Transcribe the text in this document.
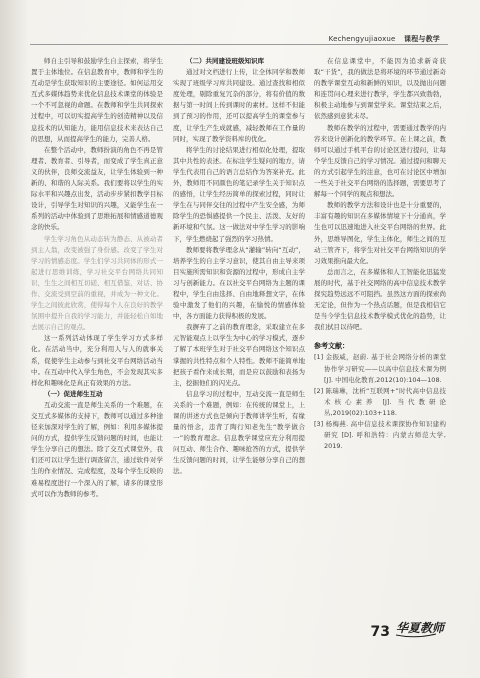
Kechengyujiaoxue 课程与教学

师自主引导和鼓励学生自主探索，将学生置于主体地位。在信息教育中，教师和学生的互动是学生获取知识的主要途径。如何运用交互式多媒体趋势来优化信息技术课堂的体验是一个不可忽视的命题。在教师和学生共同探索过程中，可以切实提高学生的创造精神以及信息技术的认知能力，能用信息技术来表达自己的思想，从而提高学生的能力，完善人格。

在整个活动中，教师扮演的角色不再是管理者、教育者、引导者，而变成了学生真正意义的伙伴，良师交流益友，让学生体验到一种新的、和谐的人际关系。我们要将以学生的实际水平和兴趣点出发，活动步步紧扣教学目标设计，引导学生对知识的兴趣，又能学生在一系列的活动中体验到了思维拓展和情感道德观念的快乐。

学生学习角色从动态转为静态、从被动者到主人翁，改变被强了身份感。改变了学生对学习的情感态度。学生们学习共同体的形式一起进行思维训练，学习社交平台网络共同知识，生生之间相互切磋、相互借鉴，对话、协作、交流受到空前的重视，并成为一种文化。学生之间彼此欣赏，使得每个人在良好的教学氛围中提升自我的学习能力，并能轻松自如地去展示自己的观点。

这一系列活动体现了学生学习方式多样化。在活动当中，充分利用人与人的就事关系，促使学生主动参与到社交平台网络活动当中。在互动中代入学生角色，不会发现其实多样化和趣味化是真正有效果的方法。

（一）促进师生互动

互动交流一直是师生关系的一个难题，在交互式多媒体的支持下，教师可以通过多种途径来加深对学生的了解，例如：利用多媒体提问的方式，提供学生反馈问题的时间，也能让学生分享自己的想法。除了交互式课堂外，我们还可以让学生进行调查留言，通过软件对学生的作业情况、完成程度，及每个学生反映的难易程度进行一个深入的了解，诸多的课堂形式可以作为教师的参考。

（二）共同建设班级知识库

通过对文档进行上传，让全体同学和教师实现了班级学习库共同建设。通过查找和相似度处理，剔除重复冗杂的部分，将有价值的数据与第一时间上传到课时的素材。这样不但能到了预习的作用，还可以提高学生的课堂参与度，让学生产生成就感，减轻教师在工作量的同时，实现了教学资料库的优化。

将学生的讨论结果进行相似化处理，提取其中共性的表述。在标注学生疑问的地方，请学生代表用自己的语言总结作为答案补充。此外，教师用不同颜色的笔记录学生关于知识点的感悟，让学生经历简单的探索过程，同时让学生在与同伴交往的过程中产生安全感，为师除学生的恐惧感提供一个民主、活泼、友好的新环境和气氛。这一做法对中学生学习的影响下，学生燃烧起了强烈的学习热情。

教师要将教学理念从“灌输”转向“互动”，培养学生的自主学习意识，使其自由主导来项目实施所需知识和资源的过程中，形成自主学习与创新能力。在以社交平台网络为主题的课程中，学生自由选择、自由地释想文字，在体验中激发了他们的兴趣，在愉悦的情感体验中，各方面能力获得积极的发展。

我摒弃了之前的教育理念，采取建立在多元智能观点上以学生为中心的学习模式，逐步了解了本班学生对于社交平台网络这个知识点掌握的共性特点和个人特性。教师不能简单地把孩子看作来成长期，而是应以鼓励和表扬为主，挖掘他们的闪光点。

信息学习的过程中，互动交流一直是师生关系的一个难题，例如：在传统的课堂上，上课的讲述方式也是倾向于教师讲学生听，有缘量的悟念，违背了陶行知老先生“教学做合一”的教育理念。信息教学课堂应充分利用提问互动、师生合作、趣味抢答的方式，提供学生反馈问题的时间，让学生能够分享自己的想法。

在信息课堂中，不能因为追求新奇获取“干货”，我的做法是将环境的环节通过新奇的教学课堂互动和新鲜的知识，以及抛出问题和连贯问心理来进行教学，学生都兴致勃勃，积极主动地参与到课堂学来。课堂结束之后，依然感到意犹未尽。

教师在教学的过程中，需要通过教学的内容来设计创新化的教学环节。在上课之前，教师可以通过手机平台的讨论区进行提问，让每个学生反馈自己的学习情况。通过提问和聊天的方式引起学生的注意，也可在讨论区中增加一些关于社交平台网络的选择题，需要思考了解每一个同学的观点和想法。

教师的教学方法和设计也是十分重要的，丰富有趣的知识在多媒体情境下十分通真，学生也可以迅速地进入社交平台网络的世界。此外，思维导图化，学生主体化，师生之间的互动三管齐下，将学生对社交平台网络知识的学习效果推向最大化。

总而言之，在多媒体和人工智能化迅猛发展的时代，基于社交网络的高中信息技术教学探究趋势远远不可阻挡。虽然这方面的探索尚无定论，但作为一个热点话题，但是我相信它是当今学生信息技术教学模式优化的趋势，让我们拭目以待吧。

参考文献：

[1] 金振威，赵蔚. 基于社会网络分析的课堂协作学习研究——以高中信息技术课为例[J]. 中国电化教育,2012(10):104—108.

[2] 陈瑞琳，沈析“互联网+”时代高中信息技术核心素养 [J]. 当代教研论丛,2019(02):103+118.

[3] 杨梅燕. 高中信息技术课探协作知识建构研究 [D]. 呼和浩特：内蒙古师范大学, 2019.

73 华夏教师
